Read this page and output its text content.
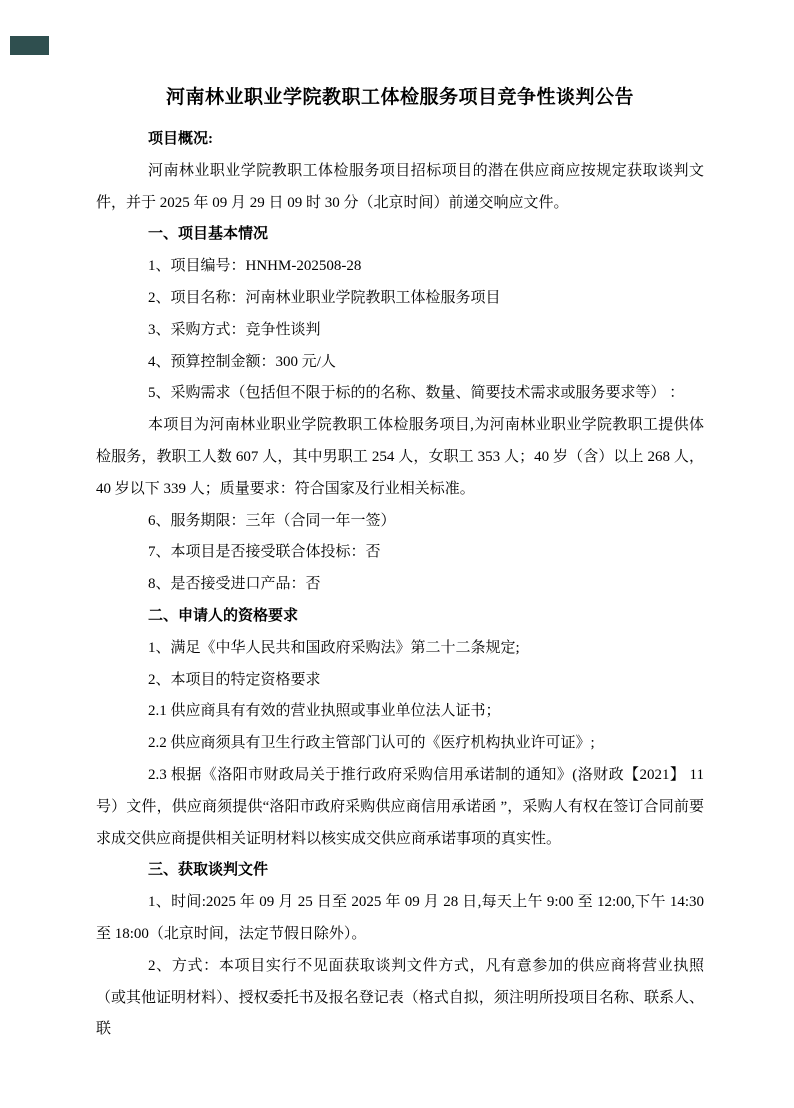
河南林业职业学院教职工体检服务项目竞争性谈判公告

项目概况:

河南林业职业学院教职工体检服务项目招标项目的潜在供应商应按规定获取谈判文件，并于 2025 年 09 月 29 日 09 时 30 分（北京时间）前递交响应文件。

一、项目基本情况

1、项目编号：HNHM-202508-28

2、项目名称：河南林业职业学院教职工体检服务项目

3、采购方式：竞争性谈判

4、预算控制金额：300 元/人

5、采购需求（包括但不限于标的的名称、数量、简要技术需求或服务要求等） ：

本项目为河南林业职业学院教职工体检服务项目,为河南林业职业学院教职工提供体检服务，教职工人数 607 人，其中男职工 254 人，女职工 353 人；40 岁（含）以上 268 人，40 岁以下 339 人；质量要求：符合国家及行业相关标准。

6、服务期限：三年（合同一年一签）

7、本项目是否接受联合体投标：否

8、是否接受进口产品：否

二、申请人的资格要求

1、满足《中华人民共和国政府采购法》第二十二条规定;

2、本项目的特定资格要求

2.1 供应商具有有效的营业执照或事业单位法人证书；

2.2 供应商须具有卫生行政主管部门认可的《医疗机构执业许可证》;

2.3 根据《洛阳市财政局关于推行政府采购信用承诺制的通知》(洛财政【2021】 11 号）文件，供应商须提供“洛阳市政府采购供应商信用承诺函 ”，采购人有权在签订合同前要求成交供应商提供相关证明材料以核实成交供应商承诺事项的真实性。

三、获取谈判文件

1、时间:2025 年 09 月 25 日至 2025 年 09 月 28 日,每天上午 9:00 至 12:00,下午 14:30 至 18:00（北京时间，法定节假日除外）。

2、方式：本项目实行不见面获取谈判文件方式，凡有意参加的供应商将营业执照（或其他证明材料）、授权委托书及报名登记表（格式自拟，须注明所投项目名称、联系人、联
